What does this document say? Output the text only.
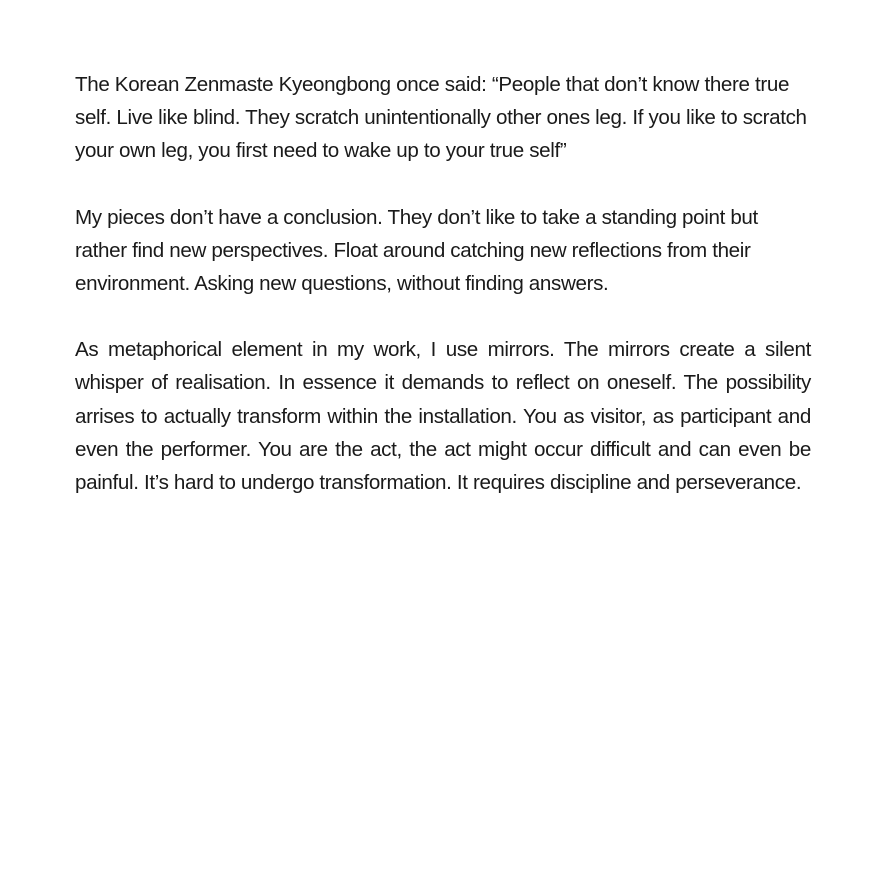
The Korean Zenmaste Kyeongbong once said: “People that don’t know there true self. Live like blind. They scratch unintentionally other ones leg. If you like to scratch your own leg, you first need to wake up to your true self”

My pieces don’t have a conclusion. They don’t like to take a standing point but rather find new perspectives. Float around catching new reflections from their environment. Asking new questions, without finding answers.

As metaphorical element in my work, I use mirrors. The mirrors create a silent whisper of realisation. In essence it demands to reflect on oneself. The possibility arrises to actually transform within the installation. You as visitor, as participant and even the performer. You are the act, the act might occur difficult and can even be painful. It’s hard to undergo transformation. It requires discipline and perseverance.
